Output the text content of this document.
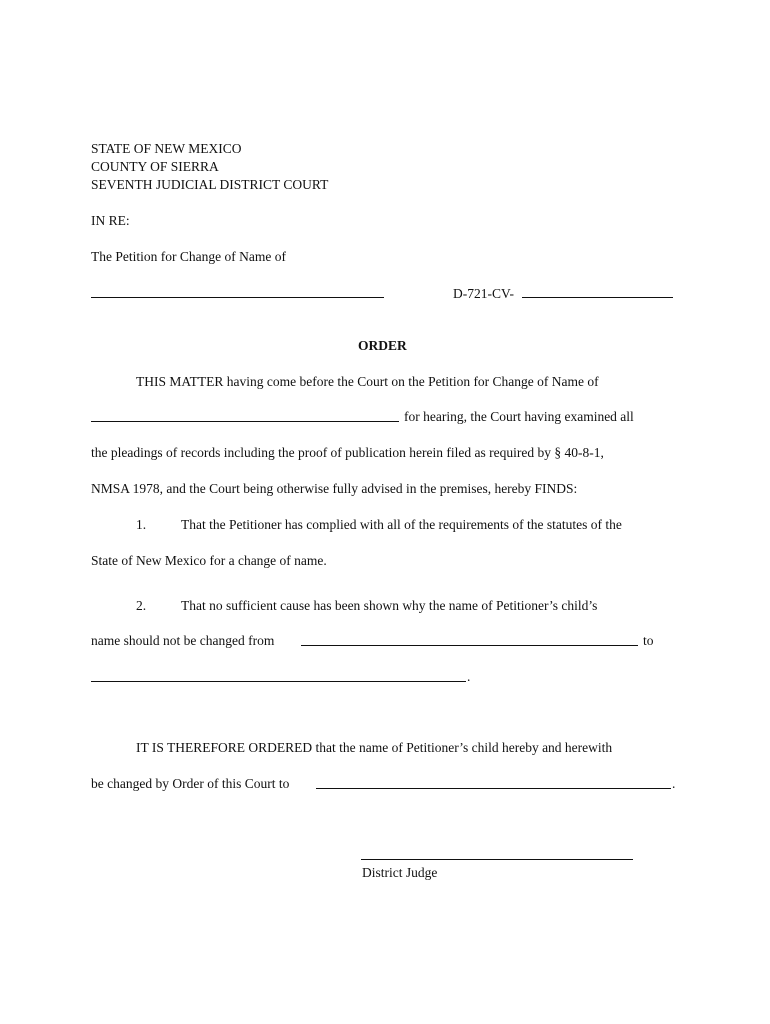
STATE OF NEW MEXICO
COUNTY OF SIERRA
SEVENTH JUDICIAL DISTRICT COURT
IN RE:
The Petition for Change of Name of
D-721-CV-
ORDER
THIS MATTER having come before the Court on the Petition for Change of Name of
for hearing, the Court having examined all
the pleadings of records including the proof of publication herein filed as required by § 40-8-1,
NMSA 1978, and the Court being otherwise fully advised in the premises, hereby FINDS:
1.	That the Petitioner has complied with all of the requirements of the statutes of the
State of New Mexico for a change of name.
2.	That no sufficient cause has been shown why the name of Petitioner’s child’s
name should not be changed from	to
.
IT IS THEREFORE ORDERED that the name of Petitioner’s child hereby and herewith
be changed by Order of this Court to	.
District Judge
